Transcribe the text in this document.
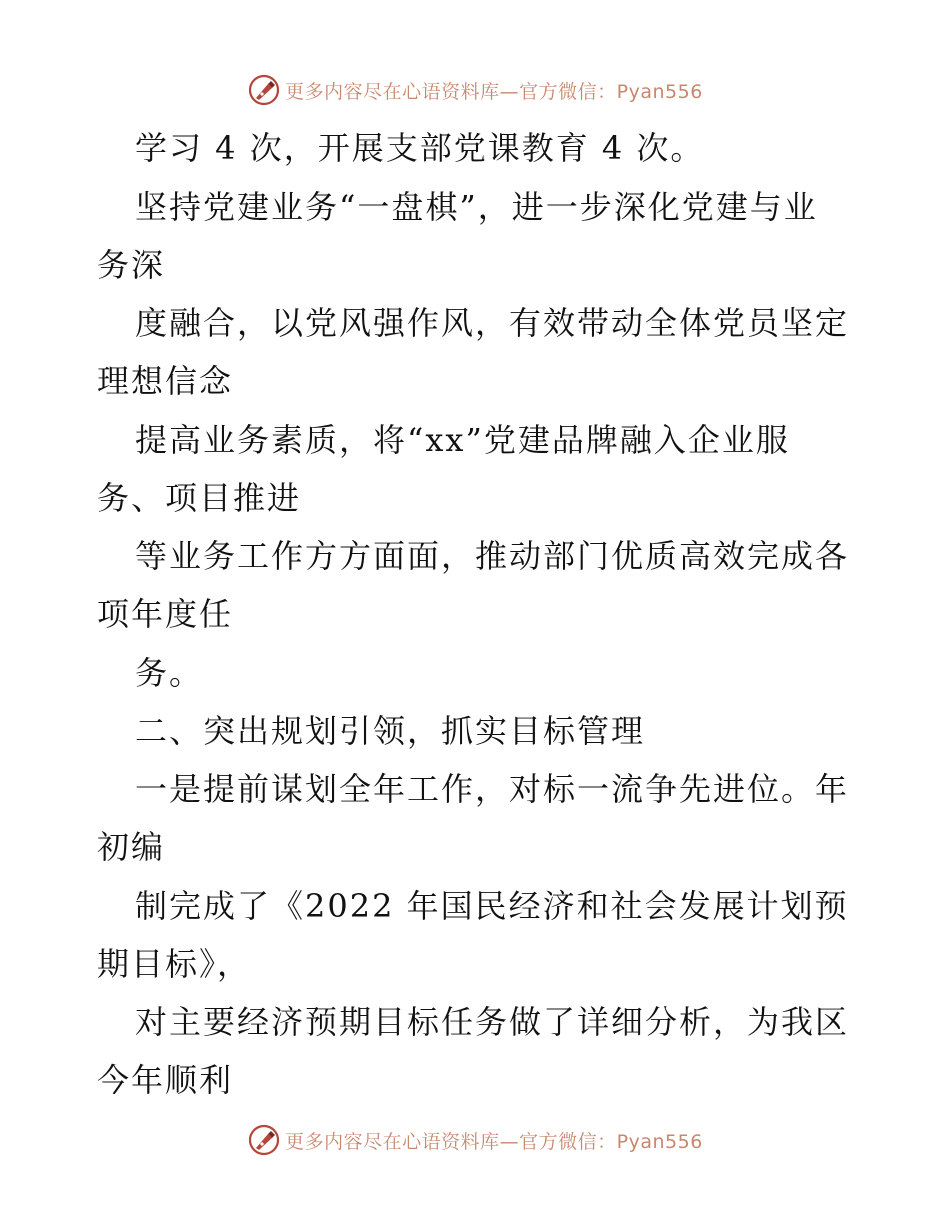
更多内容尽在心语资料库—官方微信：Pyan556
学习 4 次，开展支部党课教育 4 次。
坚持党建业务“一盘棋”，进一步深化党建与业
务深
度融合，以党风强作风，有效带动全体党员坚定
理想信念
提高业务素质，将“xx”党建品牌融入企业服
务、项目推进
等业务工作方方面面，推动部门优质高效完成各
项年度任
务。
二、突出规划引领，抓实目标管理
一是提前谋划全年工作，对标一流争先进位。年
初编
制完成了《2022 年国民经济和社会发展计划预
期目标》，
对主要经济预期目标任务做了详细分析，为我区
今年顺利
更多内容尽在心语资料库—官方微信：Pyan556
